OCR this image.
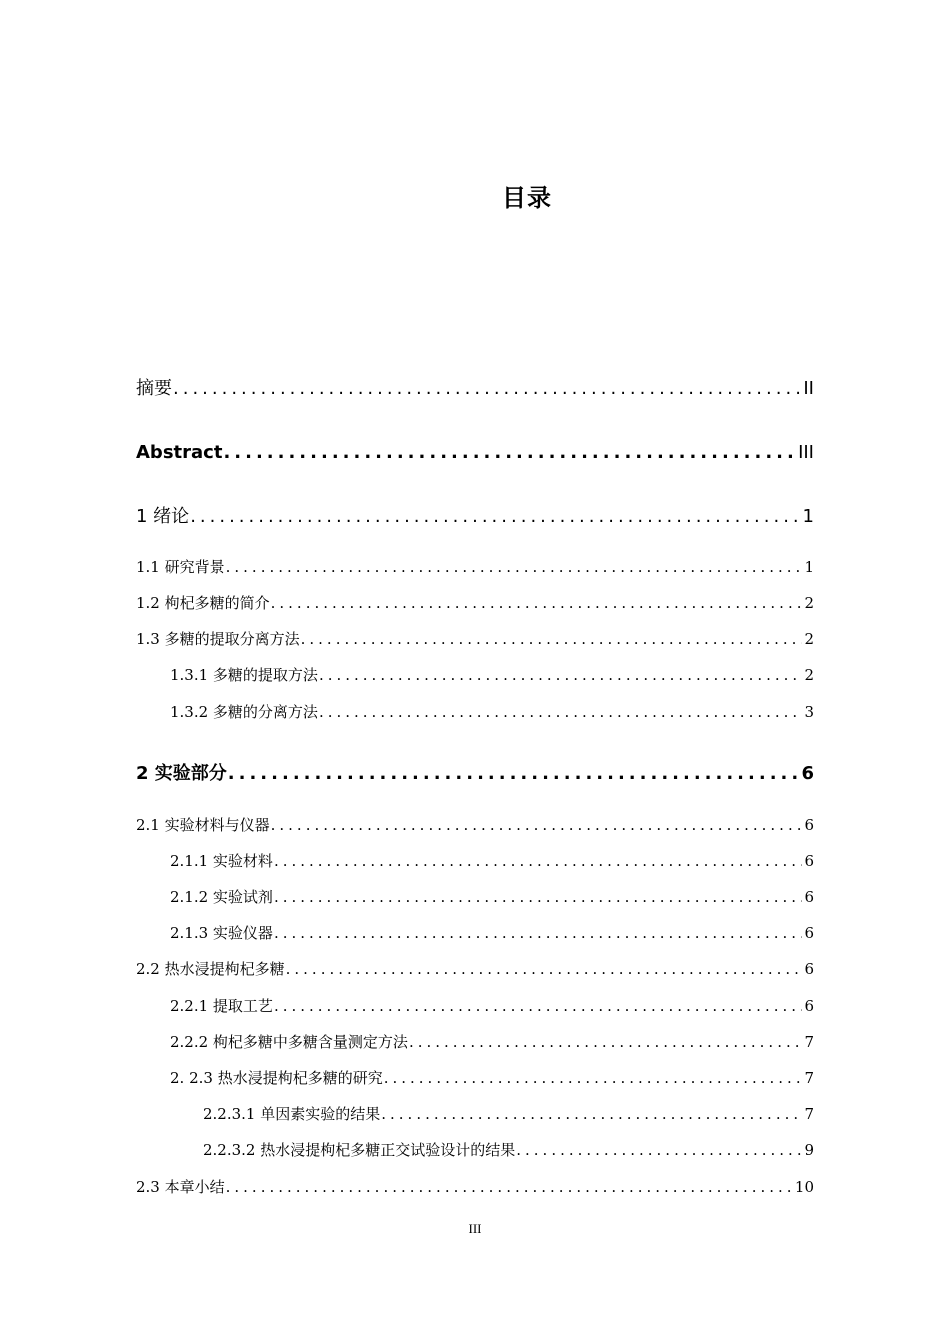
目录
摘要 .....	II
Abstract .....	III
1 绪论 .....	1
1.1 研究背景 .....	1
1.2 枸杞多糖的简介 .....	2
1.3 多糖的提取分离方法 .....	2
1.3.1 多糖的提取方法 .....	2
1.3.2 多糖的分离方法 .....	3
2 实验部分 .....	6
2.1 实验材料与仪器 .....	6
2.1.1 实验材料 .....	6
2.1.2 实验试剂 .....	6
2.1.3 实验仪器 .....	6
2.2 热水浸提枸杞多糖 .....	6
2.2.1 提取工艺 .....	6
2.2.2 枸杞多糖中多糖含量测定方法 .....	7
2. 2.3 热水浸提枸杞多糖的研究 .....	7
2.2.3.1 单因素实验的结果 .....	7
2.2.3.2 热水浸提枸杞多糖正交试验设计的结果 .....	9
2.3 本章小结 .....	10
III
